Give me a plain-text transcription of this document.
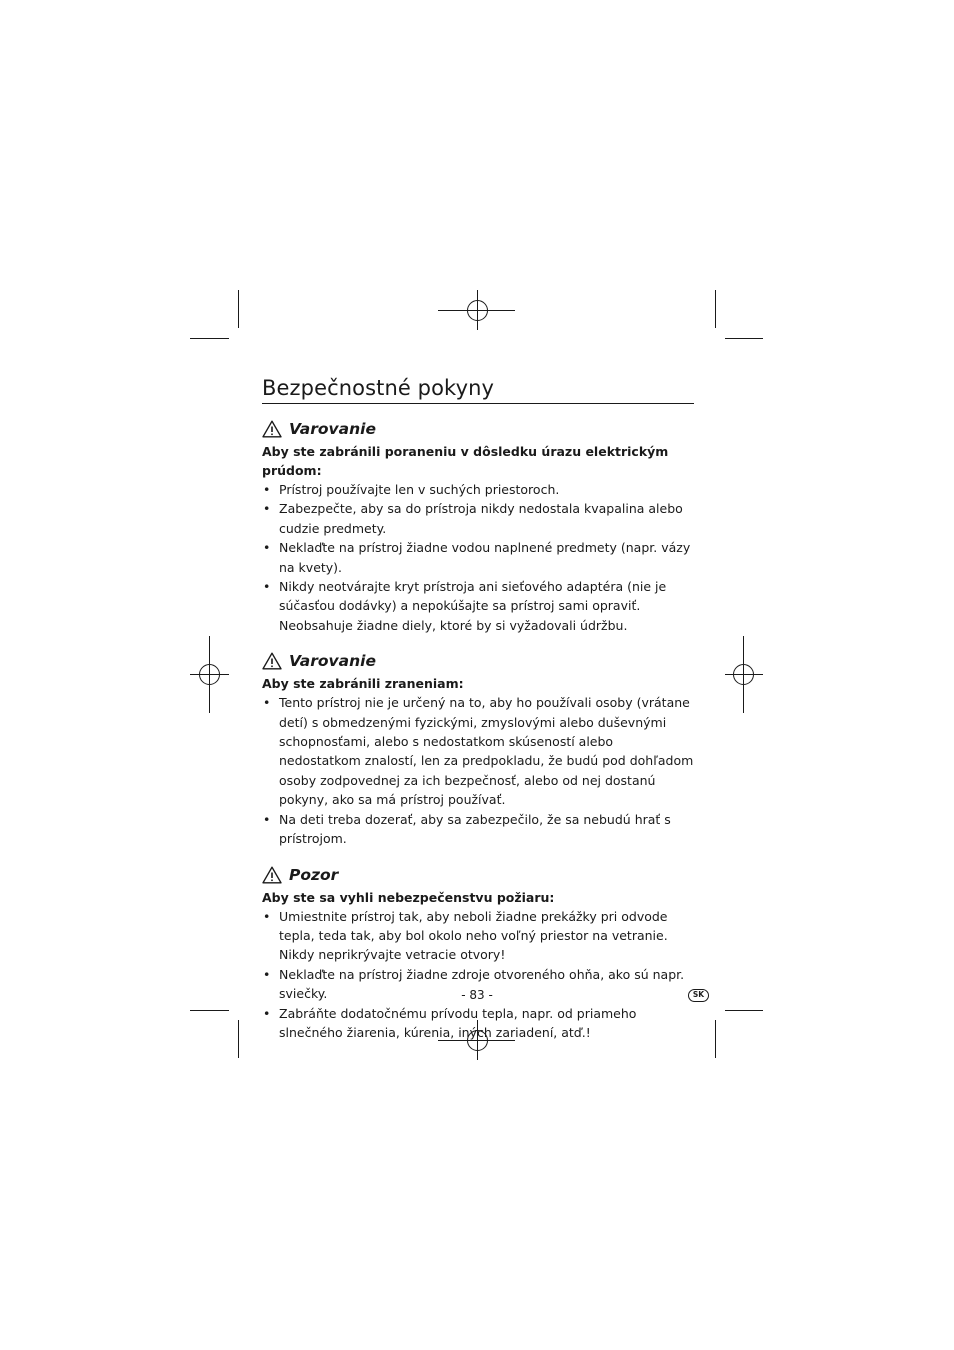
Bezpečnostné pokyny
Varovanie
Aby ste zabránili poraneniu v dôsledku úrazu elektrickým prúdom:
• Prístroj používajte len v suchých priestoroch.
• Zabezpečte, aby sa do prístroja nikdy nedostala kvapalina alebo cudzie predmety.
• Neklaďte na prístroj žiadne vodou naplnené predmety (napr. vázy na kvety).
• Nikdy neotvárajte kryt prístroja ani sieťového adaptéra (nie je súčasťou dodávky) a nepokúšajte sa prístroj sami opraviť. Neobsahuje žiadne diely, ktoré by si vyžadovali údržbu.
Varovanie
Aby ste zabránili zraneniam:
• Tento prístroj nie je určený na to, aby ho používali osoby (vrátane detí) s obmedzenými fyzickými, zmyslovými alebo duševnými schopnosťami, alebo s nedostatkom skúseností alebo nedostatkom znalostí, len za predpokladu, že budú pod dohľadom osoby zodpovednej za ich bezpečnosť, alebo od nej dostanú pokyny, ako sa má prístroj používať.
• Na deti treba dozerať, aby sa zabezpečilo, že sa nebudú hrať s prístrojom.
Pozor
Aby ste sa vyhli nebezpečenstvu požiaru:
• Umiestnite prístroj tak, aby neboli žiadne prekážky pri odvode tepla, teda tak, aby bol okolo neho voľný priestor na vetranie. Nikdy neprikrývajte vetracie otvory!
• Neklaďte na prístroj žiadne zdroje otvoreného ohňa, ako sú napr. sviečky.
• Zabráňte dodatočnému prívodu tepla, napr. od priameho slnečného žiarenia, kúrenia, iných zariadení, atď.!
- 83 -	SK
